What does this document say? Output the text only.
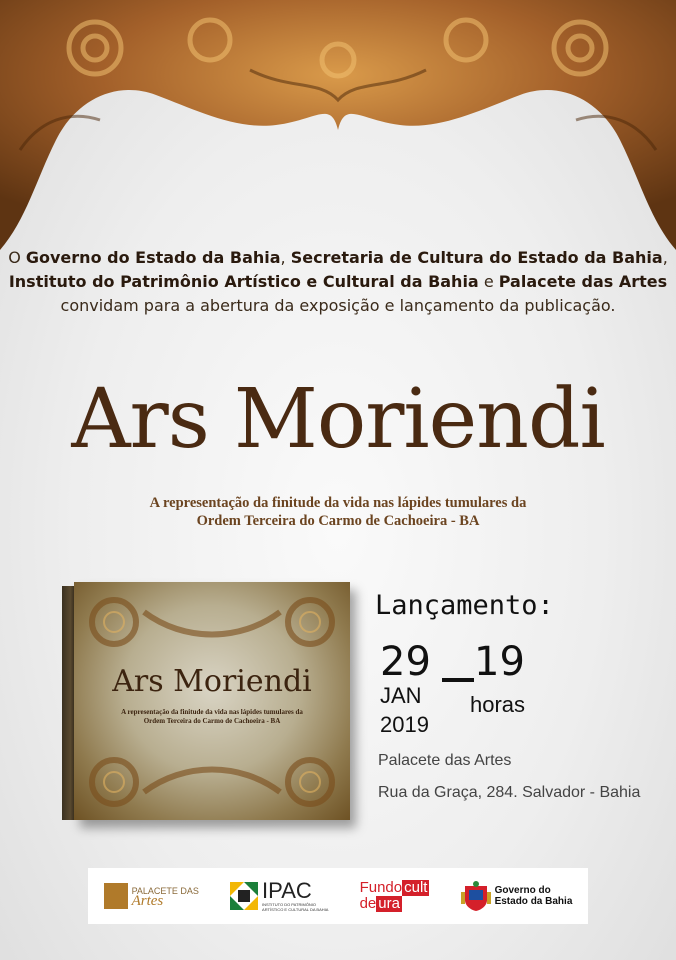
O Governo do Estado da Bahia, Secretaria de Cultura do Estado da Bahia,
Instituto do Patrimônio Artístico e Cultural da Bahia e Palacete das Artes
convidam para a abertura da exposição e lançamento da publicação.
Ars Moriendi
A representação da finitude da vida nas lápides tumulares da
Ordem Terceira do Carmo de Cachoeira - BA
Ars Moriendi
A representação da finitude da vida nas lápides tumulares da
Ordem Terceira do Carmo de Cachoeira - BA
Lançamento:
29 19
JAN horas
2019
Palacete das Artes
Rua da Graça, 284. Salvador - Bahia
PALACETE DAS
Artes	IPAC
INSTITUTO DO PATRIMÔNIO
ARTÍSTICO E CULTURAL DA BAHIA
Fundo cult
de ura
Governo do
Estado da Bahia
